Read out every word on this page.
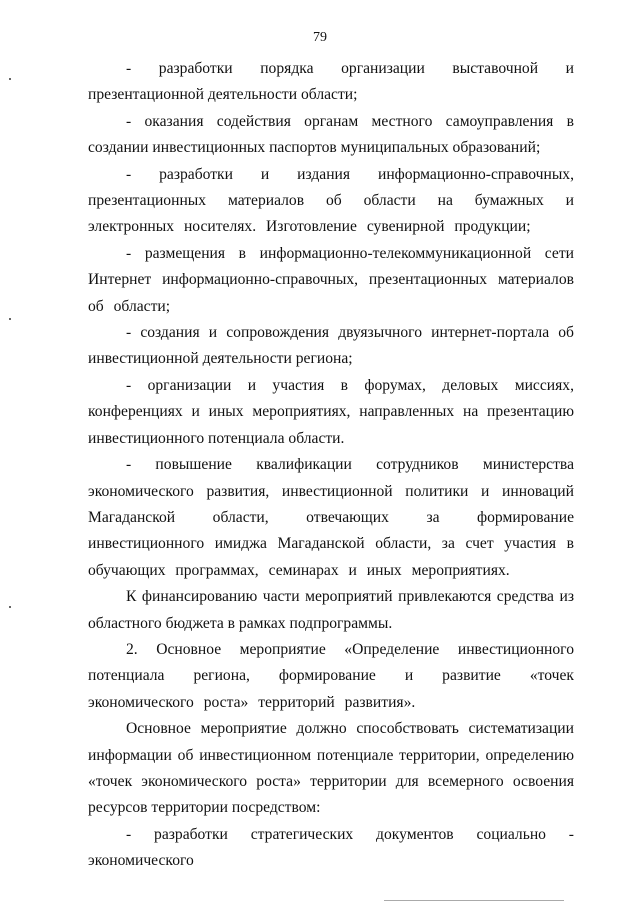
79

- разработки порядка организации выставочной и презентационной деятельности области;

- оказания содействия органам местного самоуправления в создании инвестиционных паспортов муниципальных образований;

- разработки и издания информационно-справочных, презентационных материалов об области на бумажных и электронных носителях. Изготовление сувенирной продукции;

- размещения в информационно-телекоммуникационной сети Интернет информационно-справочных, презентационных материалов об области;

- создания и сопровождения двуязычного интернет-портала об инвестиционной деятельности региона;

- организации и участия в форумах, деловых миссиях, конференциях и иных мероприятиях, направленных на презентацию инвестиционного потенциала области.

- повышение квалификации сотрудников министерства экономического развития, инвестиционной политики и инноваций Магаданской области, отвечающих за формирование инвестиционного имиджа Магаданской области, за счет участия в обучающих программах, семинарах и иных мероприятиях.

К финансированию части мероприятий привлекаются средства из областного бюджета в рамках подпрограммы.

2. Основное мероприятие «Определение инвестиционного потенциала региона, формирование и развитие «точек экономического роста» территорий развития».

Основное мероприятие должно способствовать систематизации информации об инвестиционном потенциале территории, определению «точек экономического роста» территории для всемерного освоения ресурсов территории посредством:

- разработки стратегических документов социально - экономического
